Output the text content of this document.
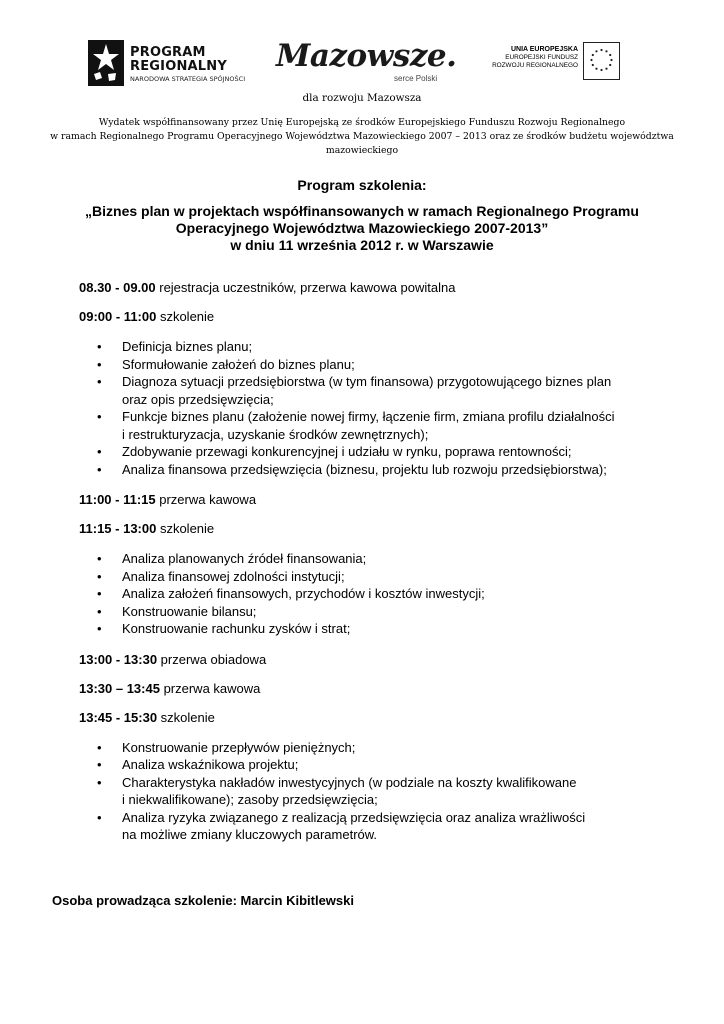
PROGRAM
REGIONALNY
NARODOWA STRATEGIA SPÓJNOŚCI
Mazowsze.
serce Polski
UNIA EUROPEJSKA
EUROPEJSKI FUNDUSZ
ROZWOJU REGIONALNEGO
dla rozwoju Mazowsza
Wydatek współfinansowany przez Unię Europejską ze środków Europejskiego Funduszu Rozwoju Regionalnego
w ramach Regionalnego Programu Operacyjnego Województwa Mazowieckiego 2007 – 2013 oraz ze środków budżetu województwa
mazowieckiego
Program szkolenia:
„Biznes plan w projektach współfinansowanych w ramach Regionalnego Programu
Operacyjnego Województwa Mazowieckiego 2007-2013”
w dniu 11 września 2012 r. w Warszawie
08.30 - 09.00 rejestracja uczestników, przerwa kawowa powitalna
09:00 - 11:00 szkolenie
• Definicja biznes planu;
• Sformułowanie założeń do biznes planu;
• Diagnoza sytuacji przedsiębiorstwa (w tym finansowa) przygotowującego biznes plan
oraz opis przedsięwzięcia;
• Funkcje biznes planu (założenie nowej firmy, łączenie firm, zmiana profilu działalności
i restrukturyzacja, uzyskanie środków zewnętrznych);
• Zdobywanie przewagi konkurencyjnej i udziału w rynku, poprawa rentowności;
• Analiza finansowa przedsięwzięcia (biznesu, projektu lub rozwoju przedsiębiorstwa);
11:00 - 11:15 przerwa kawowa
11:15 - 13:00 szkolenie
• Analiza planowanych źródeł finansowania;
• Analiza finansowej zdolności instytucji;
• Analiza założeń finansowych, przychodów i kosztów inwestycji;
• Konstruowanie bilansu;
• Konstruowanie rachunku zysków i strat;
13:00 - 13:30 przerwa obiadowa
13:30 – 13:45 przerwa kawowa
13:45 - 15:30 szkolenie
• Konstruowanie przepływów pieniężnych;
• Analiza wskaźnikowa projektu;
• Charakterystyka nakładów inwestycyjnych (w podziale na koszty kwalifikowane
i niekwalifikowane); zasoby przedsięwzięcia;
• Analiza ryzyka związanego z realizacją przedsięwzięcia oraz analiza wrażliwości
na możliwe zmiany kluczowych parametrów.
Osoba prowadząca szkolenie: Marcin Kibitlewski
